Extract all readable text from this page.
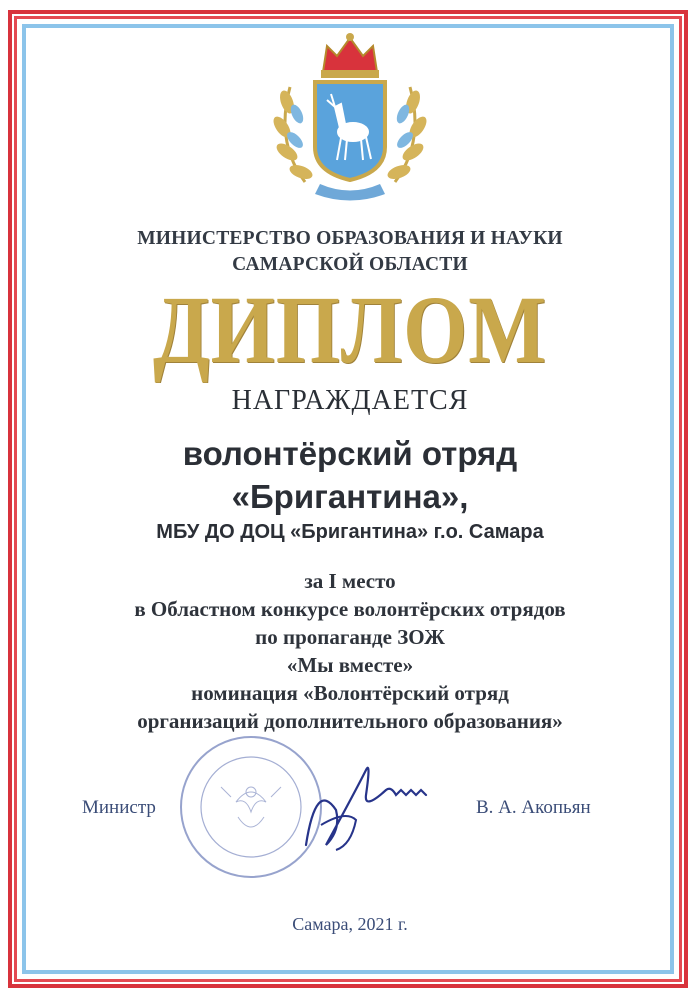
МИНИСТЕРСТВО ОБРАЗОВАНИЯ И НАУКИ

САМАРСКОЙ ОБЛАСТИ

ДИПЛОМ
НАГРАЖДАЕТСЯ
волонтёрский отряд
«Бригантина»,
МБУ ДО ДОЦ «Бригантина» г.о. Самара
за I место
в Областном конкурсе волонтёрских отрядов
по пропаганде ЗОЖ
«Мы вместе»
номинация «Волонтёрский отряд
организаций дополнительного образования»
Министр	В. А. Акопьян
Самара, 2021 г.
